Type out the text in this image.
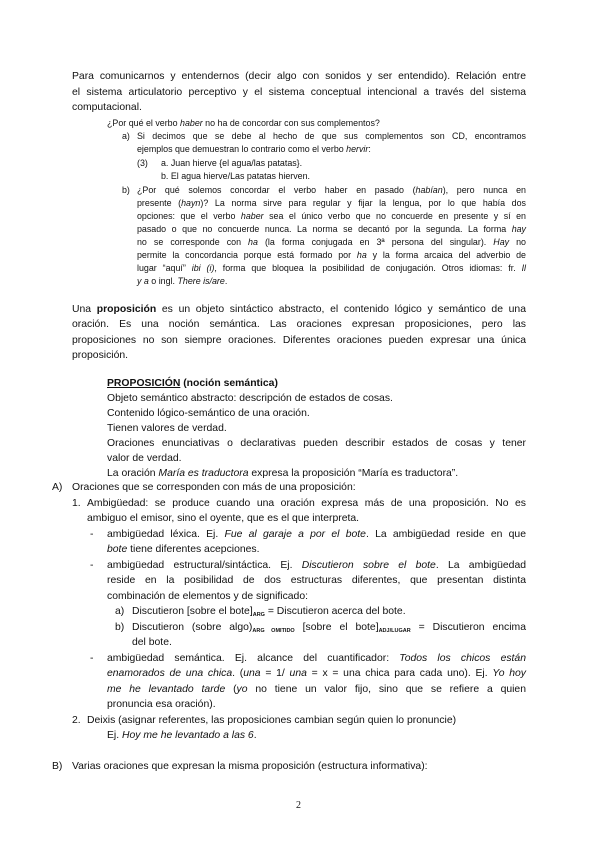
Para comunicarnos y entendernos (decir algo con sonidos y ser entendido). Relación entre
el sistema articulatorio perceptivo y el sistema conceptual intencional a través del sistema
computacional.
¿Por qué el verbo haber no ha de concordar con sus complementos?
a) Si decimos que se debe al hecho de que sus complementos son CD, encontramos
ejemplos que demuestran lo contrario como el verbo hervir:
(3) a. Juan hierve {el agua/las patatas}.
b. El agua hierve/Las patatas hierven.
b) ¿Por qué solemos concordar el verbo haber en pasado (habían), pero nunca en
presente (hayn)? La norma sirve para regular y fijar la lengua, por lo que había dos
opciones: que el verbo haber sea el único verbo que no concuerde en presente y sí en
pasado o que no concuerde nunca. La norma se decantó por la segunda. La forma hay
no se corresponde con ha (la forma conjugada en 3ª persona del singular). Hay no
permite la concordancia porque está formado por ha y la forma arcaica del adverbio de
lugar “aquí” ibi (i), forma que bloquea la posibilidad de conjugación. Otros idiomas: fr. Il
y a o ingl. There is/are.
Una proposición es un objeto sintáctico abstracto, el contenido lógico y semántico de una
oración. Es una noción semántica. Las oraciones expresan proposiciones, pero las
proposiciones no son siempre oraciones. Diferentes oraciones pueden expresar una única
proposición.
PROPOSICIÓN (noción semántica)
Objeto semántico abstracto: descripción de estados de cosas.
Contenido lógico-semántico de una oración.
Tienen valores de verdad.
Oraciones enunciativas o declarativas pueden describir estados de cosas y tener
valor de verdad.
La oración María es traductora expresa la proposición “María es traductora”.
A) Oraciones que se corresponden con más de una proposición:
1. Ambigüedad: se produce cuando una oración expresa más de una proposición. No es
ambiguo el emisor, sino el oyente, que es el que interpreta.
- ambigüedad léxica. Ej. Fue al garaje a por el bote. La ambigüedad reside en que
bote tiene diferentes acepciones.
- ambigüedad estructural/sintáctica. Ej. Discutieron sobre el bote. La ambigüedad
reside en la posibilidad de dos estructuras diferentes, que presentan distinta
combinación de elementos y de significado:
a) Discutieron [sobre el $bote]_{ARG}$ = Discutieron acerca del bote.
b) Discutieron (sobre $algo)_{ARG OMITIDO}$ [sobre el $bote]_{ADJ/LUGAR}$ = Discutieron encima
del bote.
- ambigüedad semántica. Ej. alcance del cuantificador: Todos los chicos están
enamorados de una chica. (una = 1/ una = x = una chica para cada uno). Ej. Yo hoy
me he levantado tarde (yo no tiene un valor fijo, sino que se refiere a quien
pronuncia esa oración).
2. Deixis (asignar referentes, las proposiciones cambian según quien lo pronuncie)
Ej. Hoy me he levantado a las 6.
B) Varias oraciones que expresan la misma proposición (estructura informativa):
2
